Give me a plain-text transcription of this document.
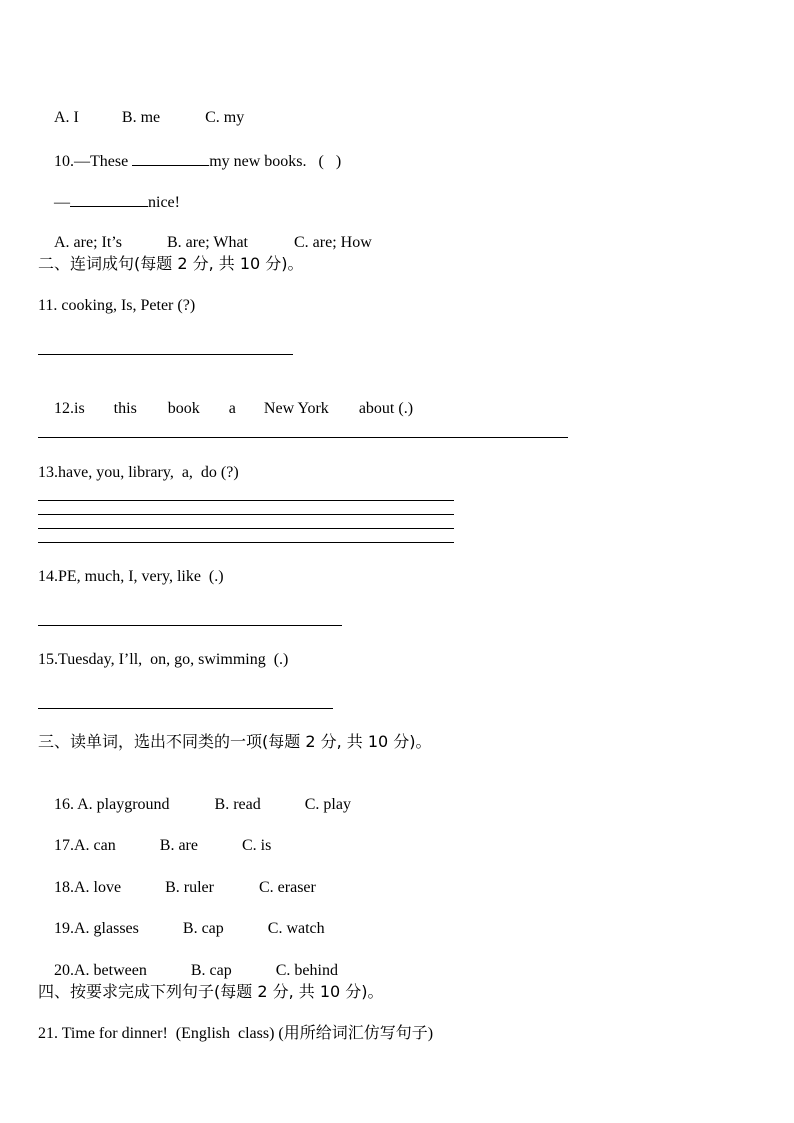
A. I	B. me	C. my

10.—These	my new books.   (   )

—	nice!

A. are; It’s	B. are; What	C. are; How

二、连词成句(每题 2 分, 共 10 分)。
11. cooking, Is, Peter (?)

12.is this book a New York about (.)

13.have, you, library,  a,  do (?)
14.PE, much, I, very, like  (.)
15.Tuesday, I’ll,  on, go, swimming  (.)
三、读单词，选出不同类的一项(每题 2 分, 共 10 分)。

16. A. playground	B. read	C. play

17.A. can	B. are	C. is

18.A. love	B. ruler	C. eraser

19.A. glasses	B. cap	C. watch

20.A. between	B. cap	C. behind

四、按要求完成下列句子(每题 2 分, 共 10 分)。
21. Time for dinner!  (English  class) (用所给词汇仿写句子)
